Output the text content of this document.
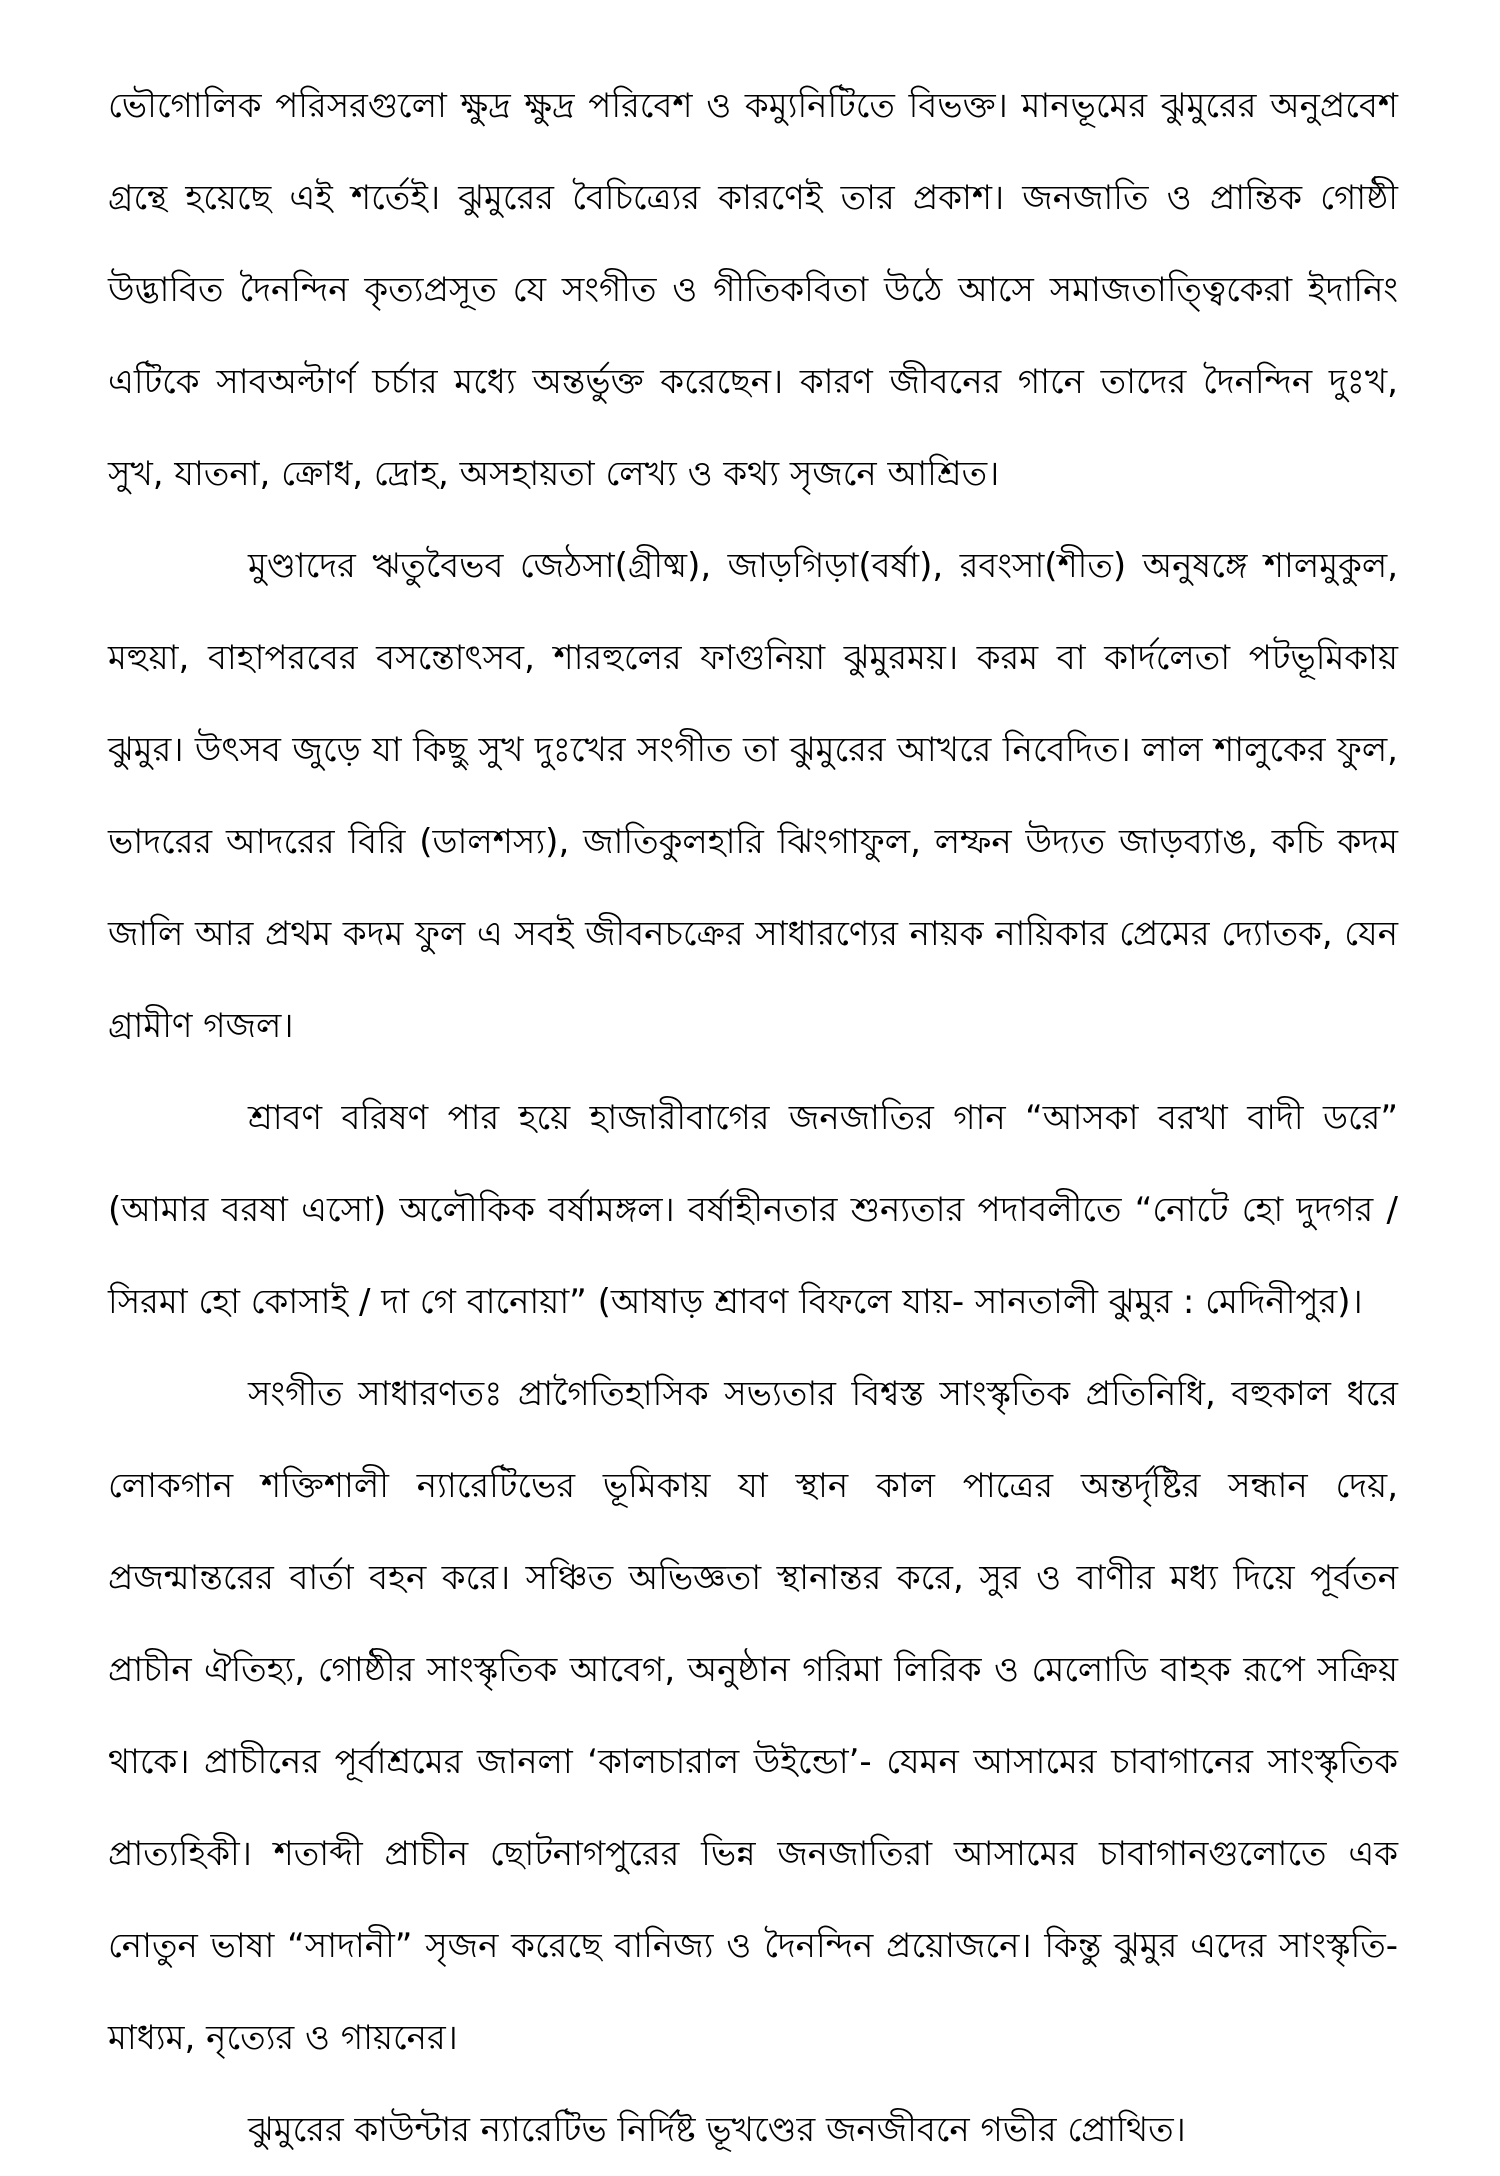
ভৌগোলিক পরিসরগুলো ক্ষুদ্র ক্ষুদ্র পরিবেশ ও কম্যুনিটিতে বিভক্ত। মানভূমের ঝুমুরের অনুপ্রবেশ গ্রন্থে হয়েছে এই শর্তেই। ঝুমুরের বৈচিত্র্যের কারণেই তার প্রকাশ। জনজাতি ও প্রান্তিক গোষ্ঠী উদ্ভাবিত দৈনন্দিন কৃত্যপ্রসূত যে সংগীত ও গীতিকবিতা উঠে আসে সমাজতাত্ত্বিকেরা ইদানিং এটিকে সাবঅল্টার্ণ চর্চার মধ্যে অন্তর্ভুক্ত করেছেন। কারণ জীবনের গানে তাদের দৈনন্দিন দুঃখ, সুখ, যাতনা, ক্রোধ, দ্রোহ, অসহায়তা লেখ্য ও কথ্য সৃজনে আশ্রিত।

মুণ্ডাদের ঋতুবৈভব জেঠসা(গ্রীষ্ম), জাড়গিড়া(বর্ষা), রবংসা(শীত) অনুষঙ্গে শালমুকুল, মহুয়া, বাহাপরবের বসন্তোৎসব, শারহুলের ফাগুনিয়া ঝুমুরময়। করম বা কার্দলেতা পটভূমিকায় ঝুমুর। উৎসব জুড়ে যা কিছু সুখ দুঃখের সংগীত তা ঝুমুরের আখরে নিবেদিত। লাল শালুকের ফুল, ভাদরের আদরের বিরি (ডালশস্য), জাতিকুলহারি ঝিংগাফুল, লম্ফন উদ্যত জাড়ব্যাঙ, কচি কদম জালি আর প্রথম কদম ফুল এ সবই জীবনচক্রের সাধারণ্যের নায়ক নায়িকার প্রেমের দ্যোতক, যেন গ্রামীণ গজল।

শ্রাবণ বরিষণ পার হয়ে হাজারীবাগের জনজাতির গান “আসকা বরখা বাদী ডরে” (আমার বরষা এসো) অলৌকিক বর্ষামঙ্গল। বর্ষাহীনতার শুন্যতার পদাবলীতে “নোটে হো দুদগর / সিরমা হো কোসাই / দা গে বানোয়া” (আষাড় শ্রাবণ বিফলে যায়- সানতালী ঝুমুর : মেদিনীপুর)।

সংগীত সাধারণতঃ প্রাগৈতিহাসিক সভ্যতার বিশ্বস্ত সাংস্কৃতিক প্রতিনিধি, বহুকাল ধরে লোকগান শক্তিশালী ন্যারেটিভের ভূমিকায় যা স্থান কাল পাত্রের অন্তর্দৃষ্টির সন্ধান দেয়, প্রজন্মান্তরের বার্তা বহন করে। সঞ্চিত অভিজ্ঞতা স্থানান্তর করে, সুর ও বাণীর মধ্য দিয়ে পূর্বতন প্রাচীন ঐতিহ্য, গোষ্ঠীর সাংস্কৃতিক আবেগ, অনুষ্ঠান গরিমা লিরিক ও মেলোডি বাহক রূপে সক্রিয় থাকে। প্রাচীনের পূর্বাশ্রমের জানলা ‘কালচারাল উইন্ডো’- যেমন আসামের চাবাগানের সাংস্কৃতিক প্রাত্যহিকী। শতাব্দী প্রাচীন ছোটনাগপুরের ভিন্ন জনজাতিরা আসামের চাবাগানগুলোতে এক নোতুন ভাষা “সাদানী” সৃজন করেছে বানিজ্য ও দৈনন্দিন প্রয়োজনে। কিন্তু ঝুমুর এদের সাংস্কৃতি-মাধ্যম, নৃত্যের ও গায়নের।

ঝুমুরের কাউন্টার ন্যারেটিভ নির্দিষ্ট ভূখণ্ডের জনজীবনে গভীর প্রোথিত।
